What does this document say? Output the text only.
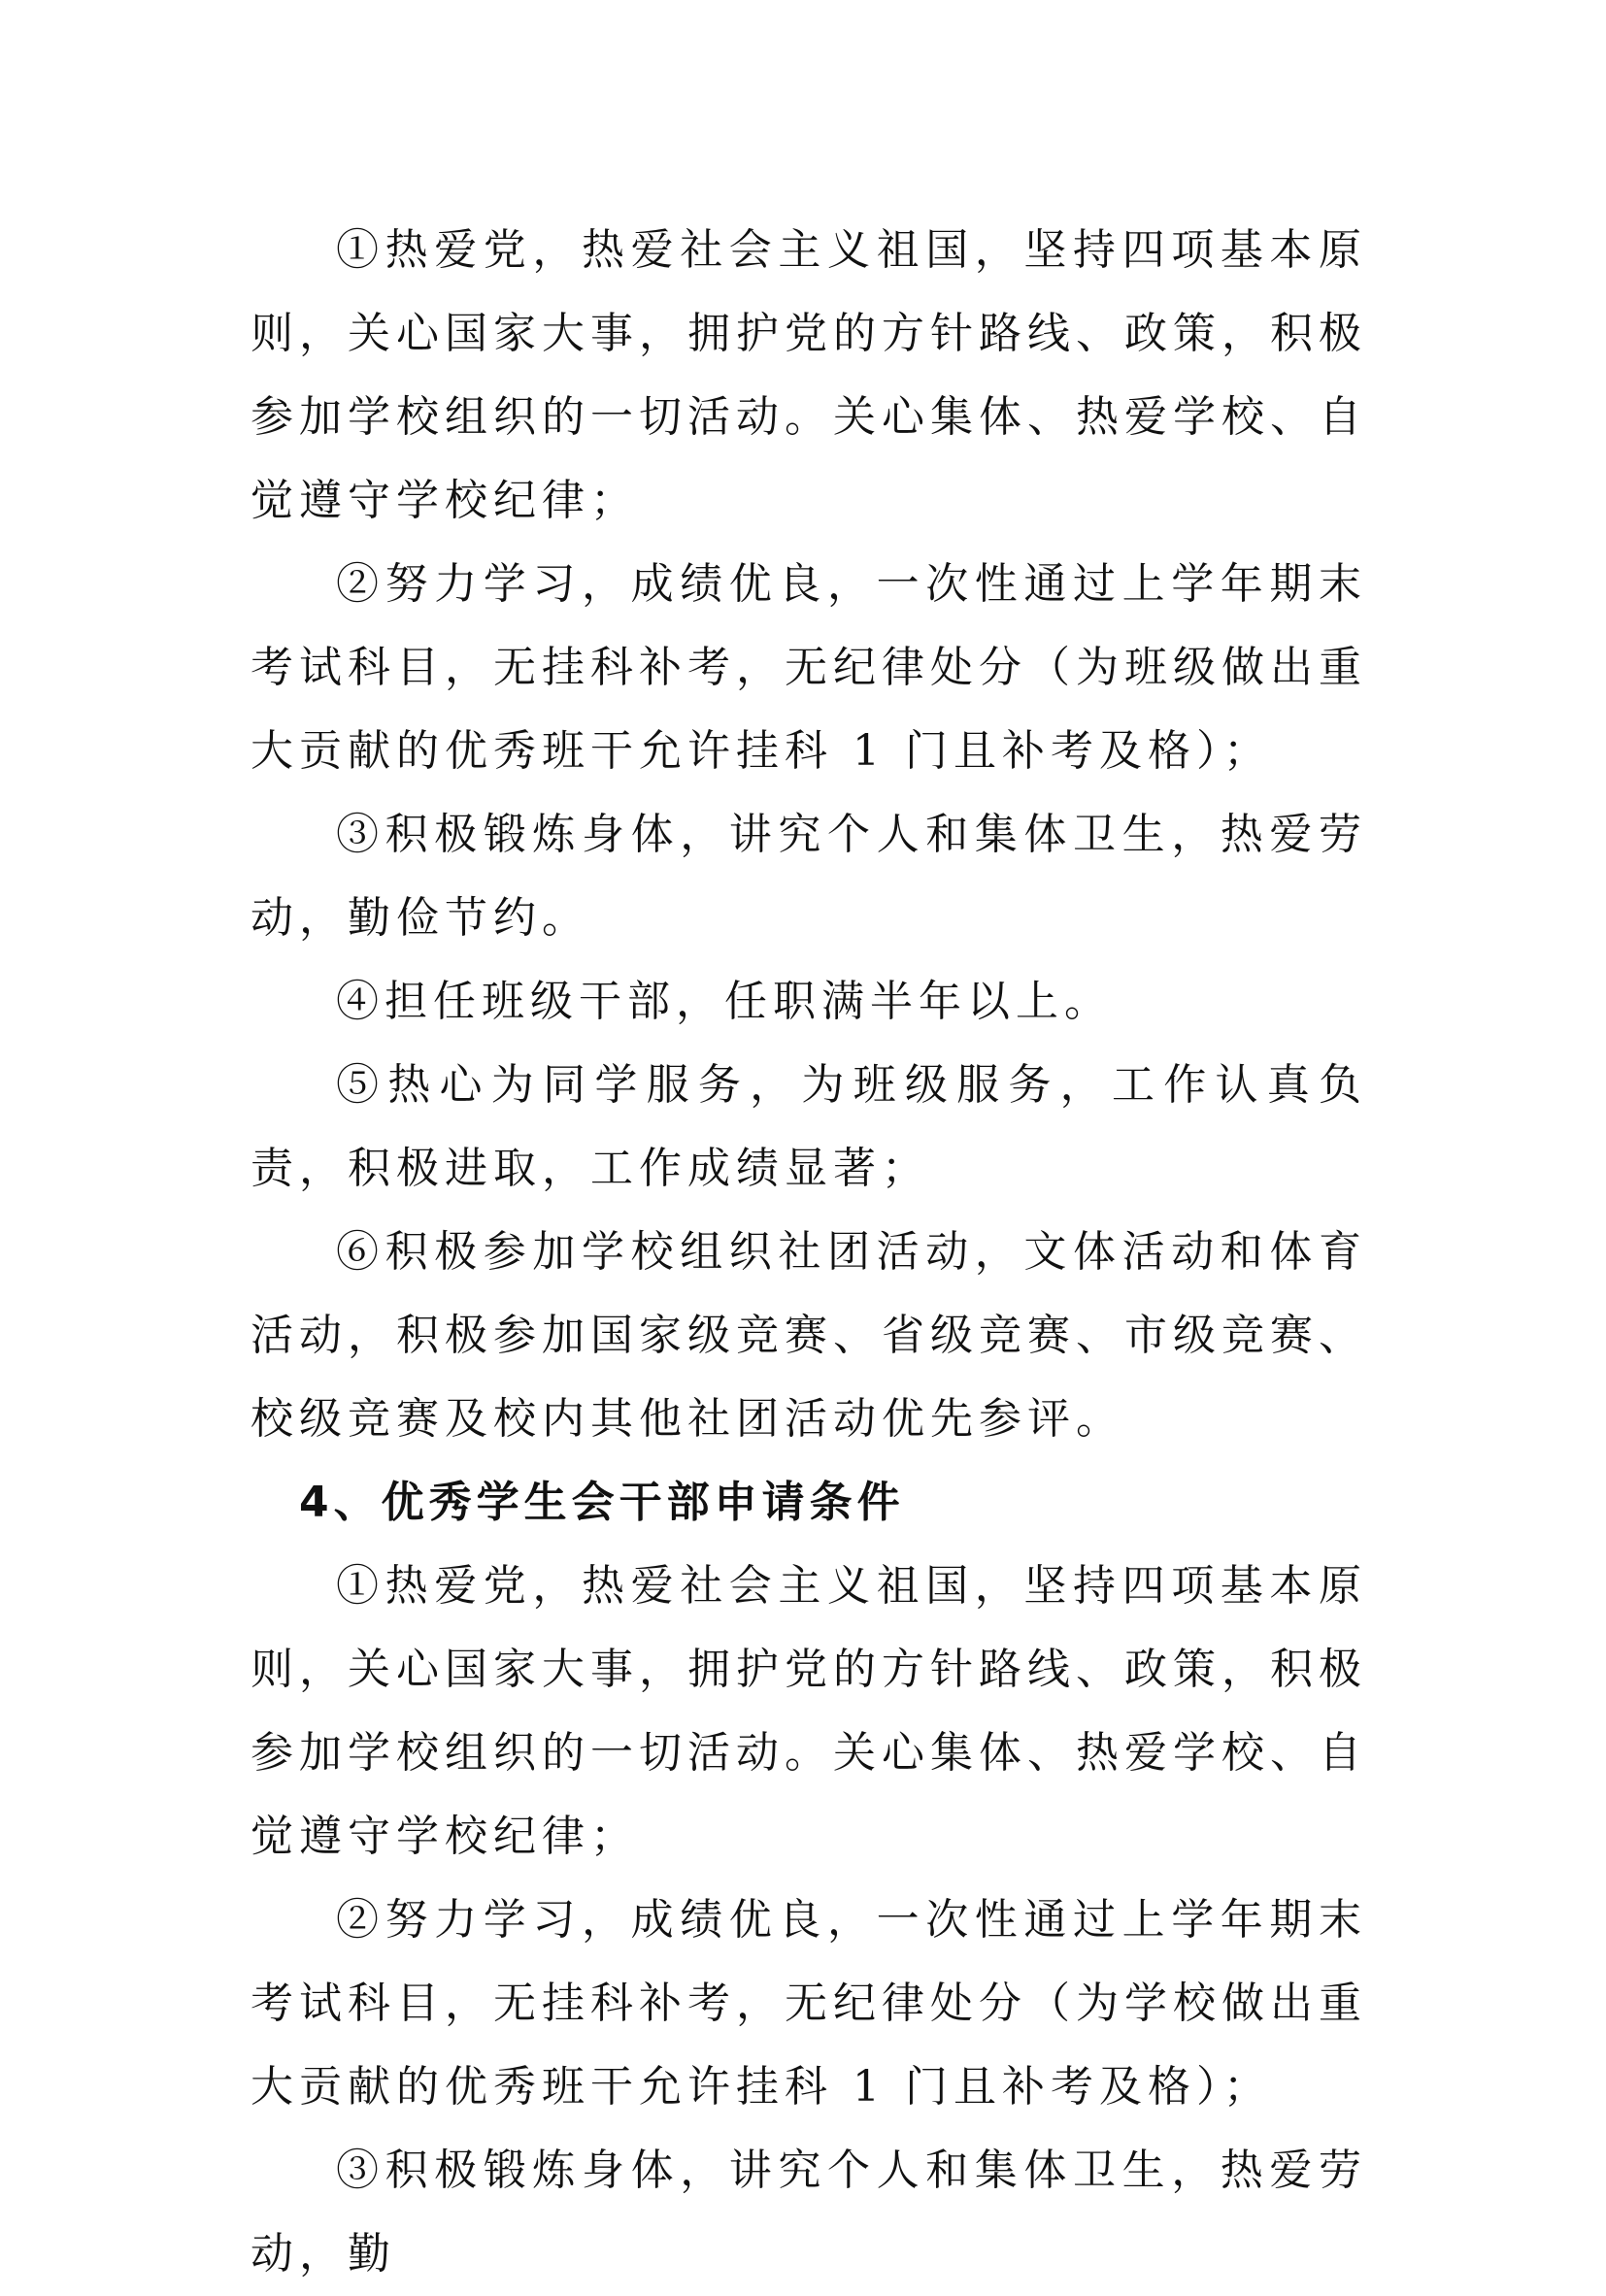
①热爱党，热爱社会主义祖国，坚持四项基本原则，关心国家大事，拥护党的方针路线、政策，积极参加学校组织的一切活动。关心集体、热爱学校、自觉遵守学校纪律；

②努力学习，成绩优良，一次性通过上学年期末考试科目，无挂科补考，无纪律处分（为班级做出重大贡献的优秀班干允许挂科 1 门且补考及格）；

③积极锻炼身体，讲究个人和集体卫生，热爱劳动，勤俭节约。

④担任班级干部，任职满半年以上。

⑤热心为同学服务，为班级服务，工作认真负责，积极进取，工作成绩显著；

⑥积极参加学校组织社团活动，文体活动和体育活动，积极参加国家级竞赛、省级竞赛、市级竞赛、校级竞赛及校内其他社团活动优先参评。

4、优秀学生会干部申请条件

①热爱党，热爱社会主义祖国，坚持四项基本原则，关心国家大事，拥护党的方针路线、政策，积极参加学校组织的一切活动。关心集体、热爱学校、自觉遵守学校纪律；

②努力学习，成绩优良，一次性通过上学年期末考试科目，无挂科补考，无纪律处分（为学校做出重大贡献的优秀班干允许挂科 1 门且补考及格）；

③积极锻炼身体，讲究个人和集体卫生，热爱劳动，勤
